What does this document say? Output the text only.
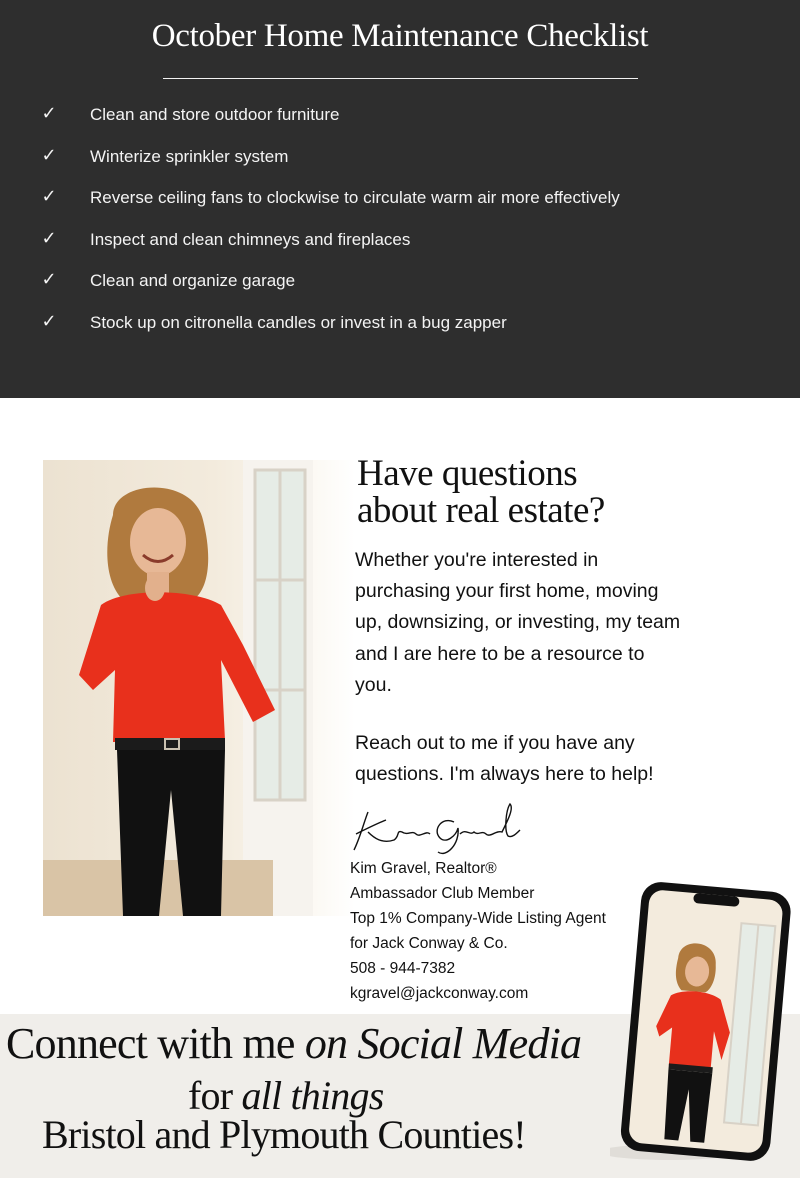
October Home Maintenance Checklist
✓ Clean and store outdoor furniture
✓ Winterize sprinkler system
✓ Reverse ceiling fans to clockwise to circulate warm air more effectively
✓ Inspect and clean chimneys and fireplaces
✓ Clean and organize garage
✓ Stock up on citronella candles or invest in a bug zapper
Have questions
about real estate?

Whether you're interested in purchasing your first home, moving up, downsizing, or investing, my team and I are here to be a resource to you.

Reach out to me if you have any questions. I'm always here to help!

Kim Gravel, Realtor®
Ambassador Club Member
Top 1% Company-Wide Listing Agent
for Jack Conway & Co.
508 - 944-7382
kgravel@jackconway.com
Connect with me on Social Media
for all things
Bristol and Plymouth Counties!
